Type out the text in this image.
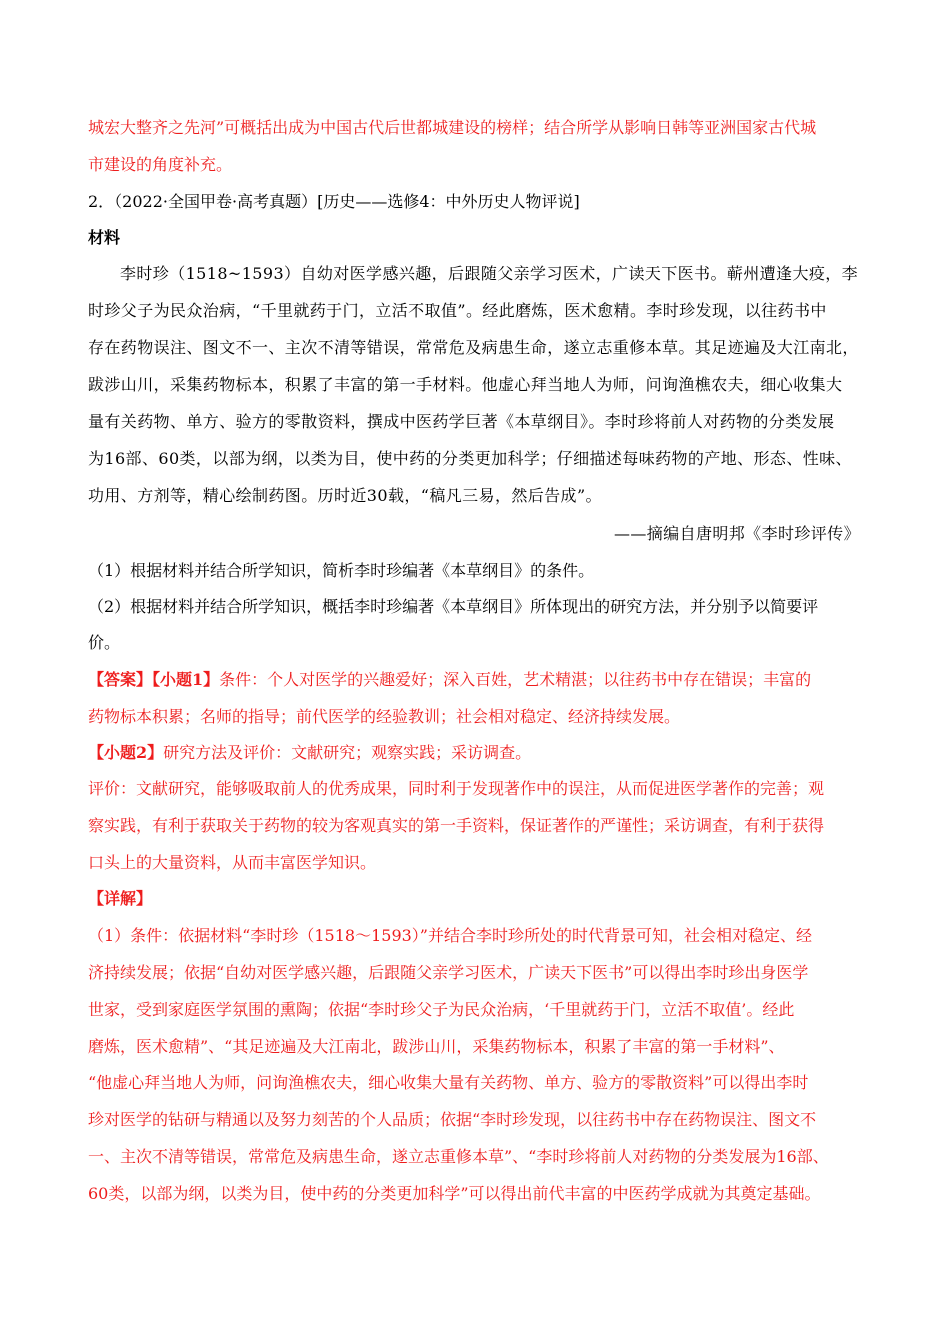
城宏大整齐之先河”可概括出成为中国古代后世都城建设的榜样；结合所学从影响日韩等亚洲国家古代城
市建设的角度补充。
2．（2022·全国甲卷·高考真题）[历史——选修4：中外历史人物评说]
材料
李时珍（1518~1593）自幼对医学感兴趣，后跟随父亲学习医术，广读天下医书。蕲州遭逢大疫，李
时珍父子为民众治病，“千里就药于门，立活不取值”。经此磨炼，医术愈精。李时珍发现，以往药书中
存在药物误注、图文不一、主次不清等错误，常常危及病患生命，遂立志重修本草。其足迹遍及大江南北，
跋涉山川，采集药物标本，积累了丰富的第一手材料。他虚心拜当地人为师，问询渔樵农夫，细心收集大
量有关药物、单方、验方的零散资料，撰成中医药学巨著《本草纲目》。李时珍将前人对药物的分类发展
为16部、60类，以部为纲，以类为目，使中药的分类更加科学；仔细描述每味药物的产地、形态、性味、
功用、方剂等，精心绘制药图。历时近30载，“稿凡三易，然后告成”。
——摘编自唐明邦《李时珍评传》
（1）根据材料并结合所学知识，简析李时珍编著《本草纲目》的条件。
（2）根据材料并结合所学知识，概括李时珍编著《本草纲目》所体现出的研究方法，并分别予以简要评
价。
【答案】【小题1】条件：个人对医学的兴趣爱好；深入百姓，艺术精湛；以往药书中存在错误；丰富的
药物标本积累；名师的指导；前代医学的经验教训；社会相对稳定、经济持续发展。
【小题2】研究方法及评价：文献研究；观察实践；采访调查。
评价：文献研究，能够吸取前人的优秀成果，同时利于发现著作中的误注，从而促进医学著作的完善；观
察实践，有利于获取关于药物的较为客观真实的第一手资料，保证著作的严谨性；采访调查，有利于获得
口头上的大量资料，从而丰富医学知识。
【详解】
（1）条件：依据材料“李时珍（1518～1593）”并结合李时珍所处的时代背景可知，社会相对稳定、经
济持续发展；依据“自幼对医学感兴趣，后跟随父亲学习医术，广读天下医书”可以得出李时珍出身医学
世家，受到家庭医学氛围的熏陶；依据“李时珍父子为民众治病，‘千里就药于门，立活不取值’。经此
磨炼，医术愈精”、“其足迹遍及大江南北，跋涉山川，采集药物标本，积累了丰富的第一手材料”、
“他虚心拜当地人为师，问询渔樵农夫，细心收集大量有关药物、单方、验方的零散资料”可以得出李时
珍对医学的钻研与精通以及努力刻苦的个人品质；依据“李时珍发现，以往药书中存在药物误注、图文不
一、主次不清等错误，常常危及病患生命，遂立志重修本草”、“李时珍将前人对药物的分类发展为16部、
60类，以部为纲，以类为目，使中药的分类更加科学”可以得出前代丰富的中医药学成就为其奠定基础。
